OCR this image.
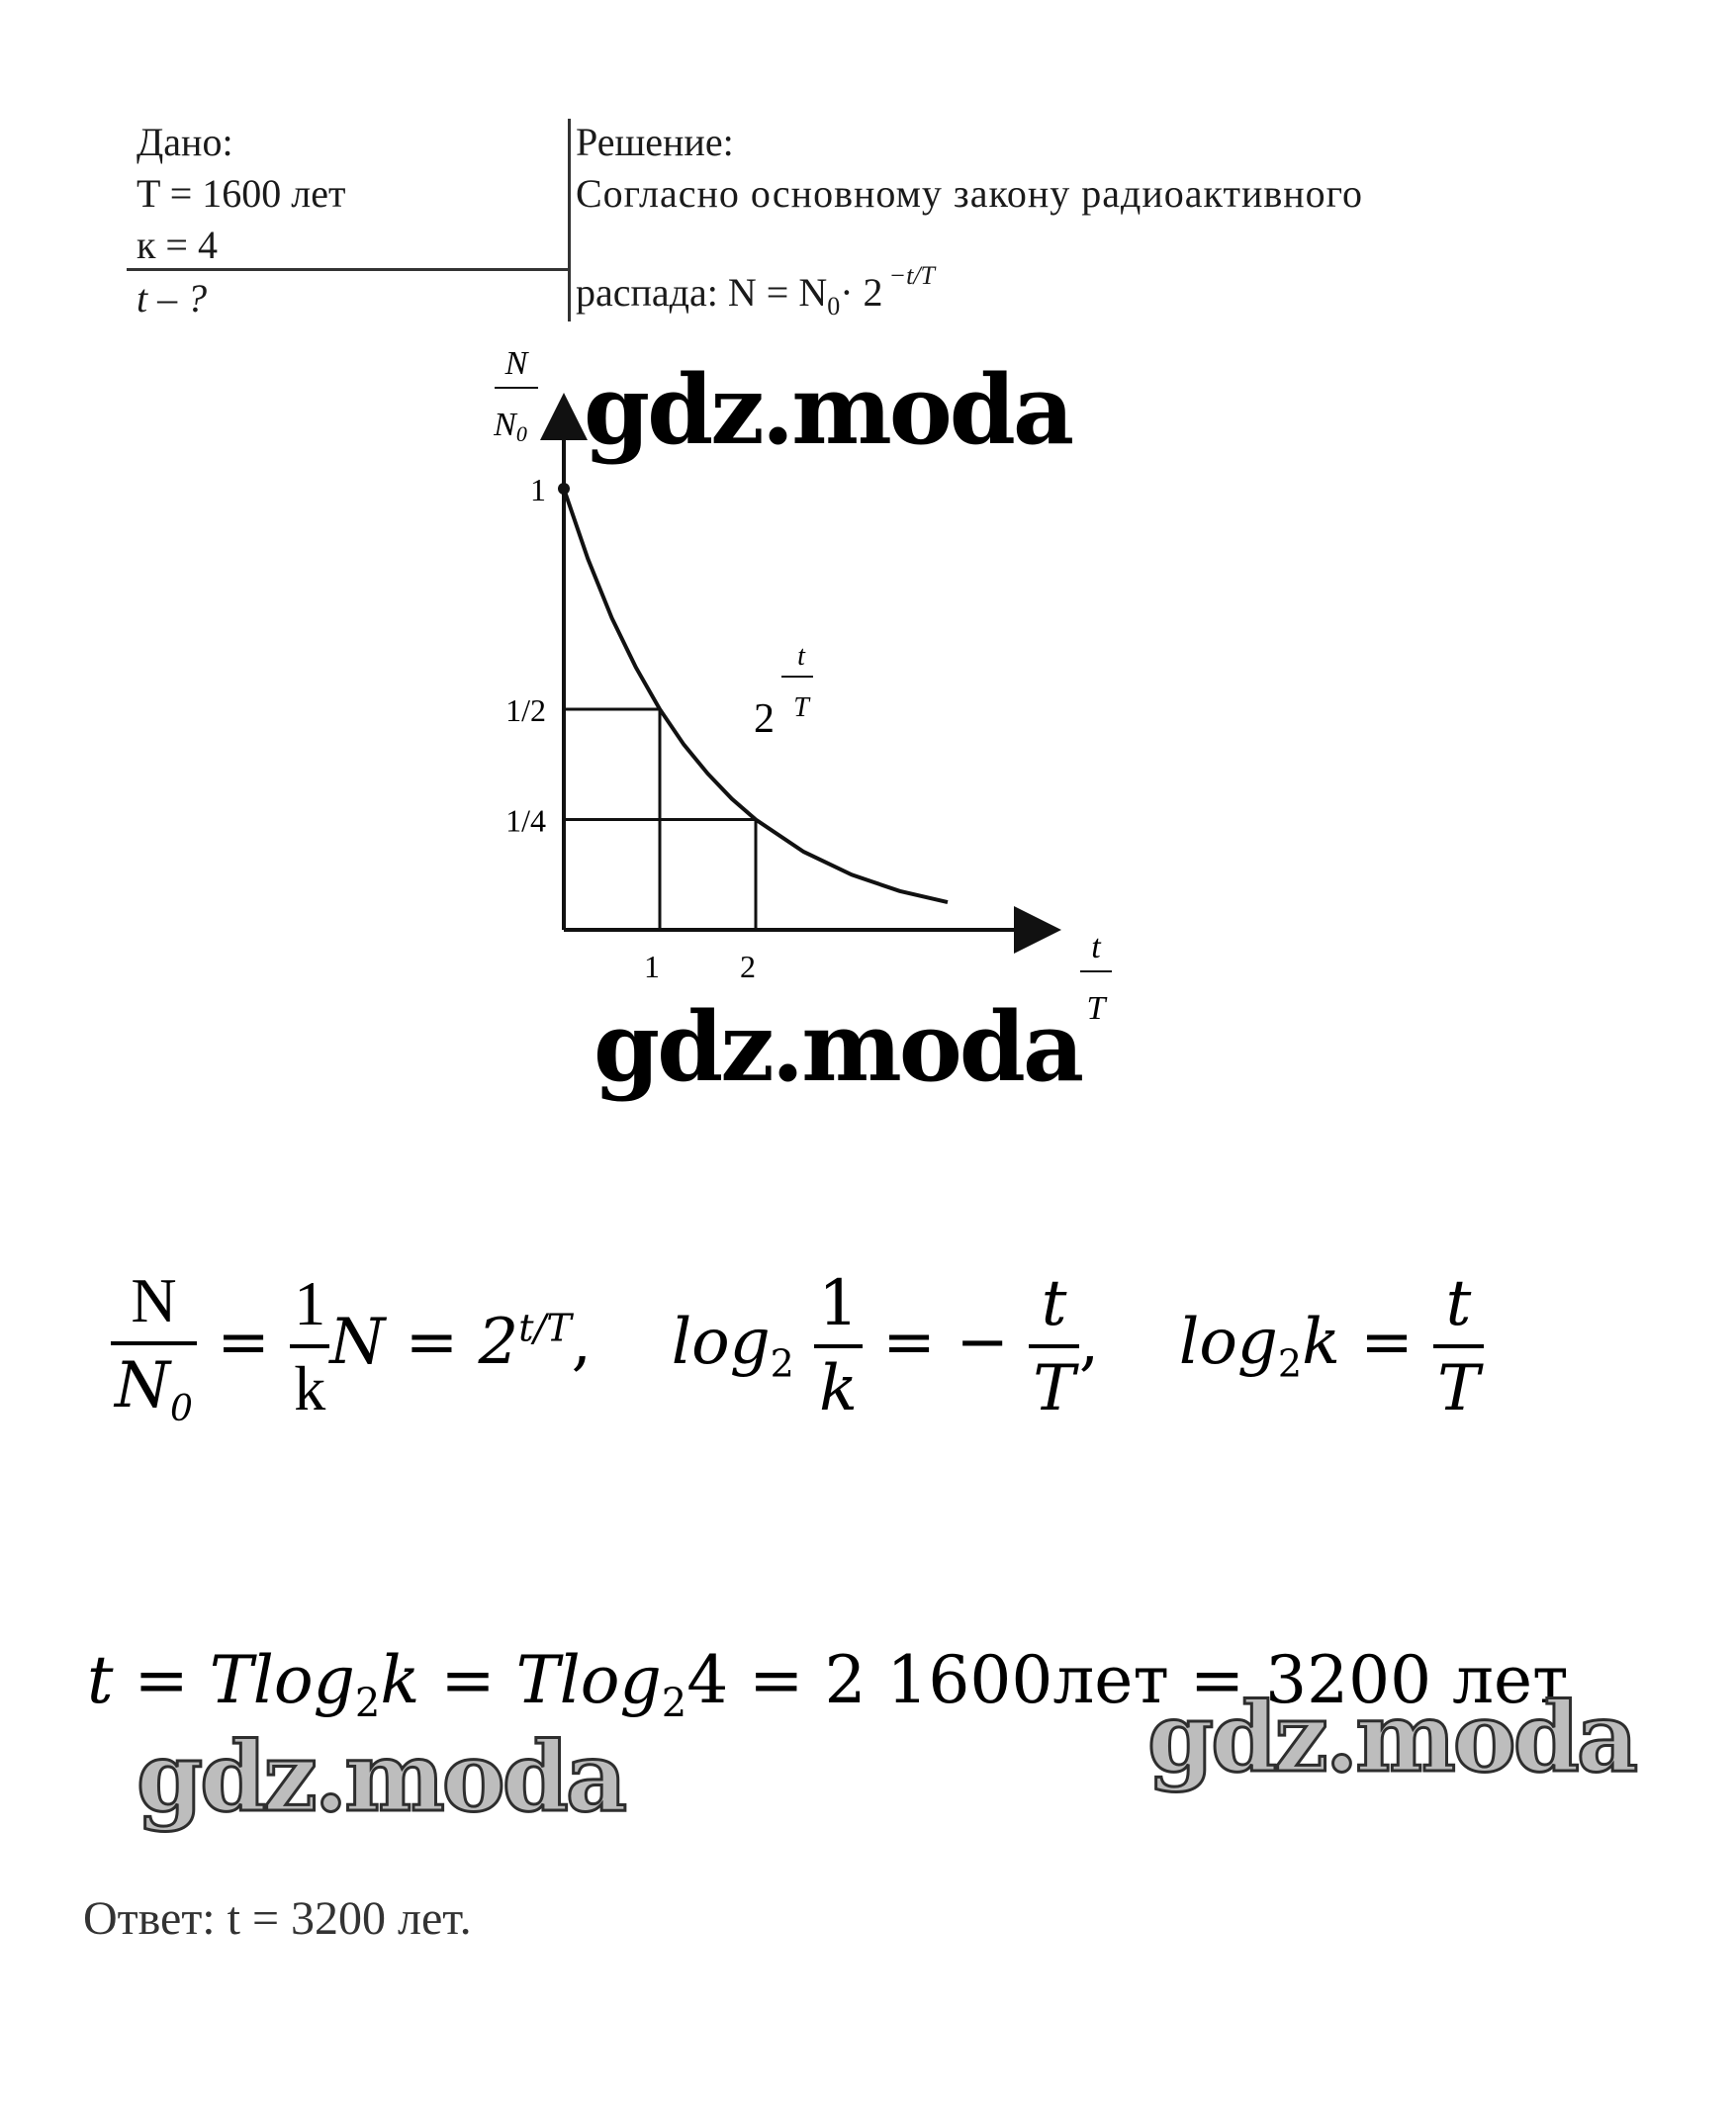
Дано:
T = 1600 лет
к = 4
t – ?
Решение:
Согласно основному закону радиоактивного
распада: $N = N_0\cdot 2 -t/T$
1
1/2
1/4
1	2
N
N0
t
T
2
t
T
gdz.moda
gdz.moda
$\frac{N}{N_0} = \frac{1}{k}$ $N = 2^{t/T}$, $\log_2 \frac{1}{k}$ = − $\frac{t}{T}$ , $\log_2k = \frac{t}{T}$
t = Tlog$_2$k = Tlog$_2$4 = 2 1600лет = 3200 лет
gdz.moda	gdz.moda
Ответ: t = 3200 лет.
